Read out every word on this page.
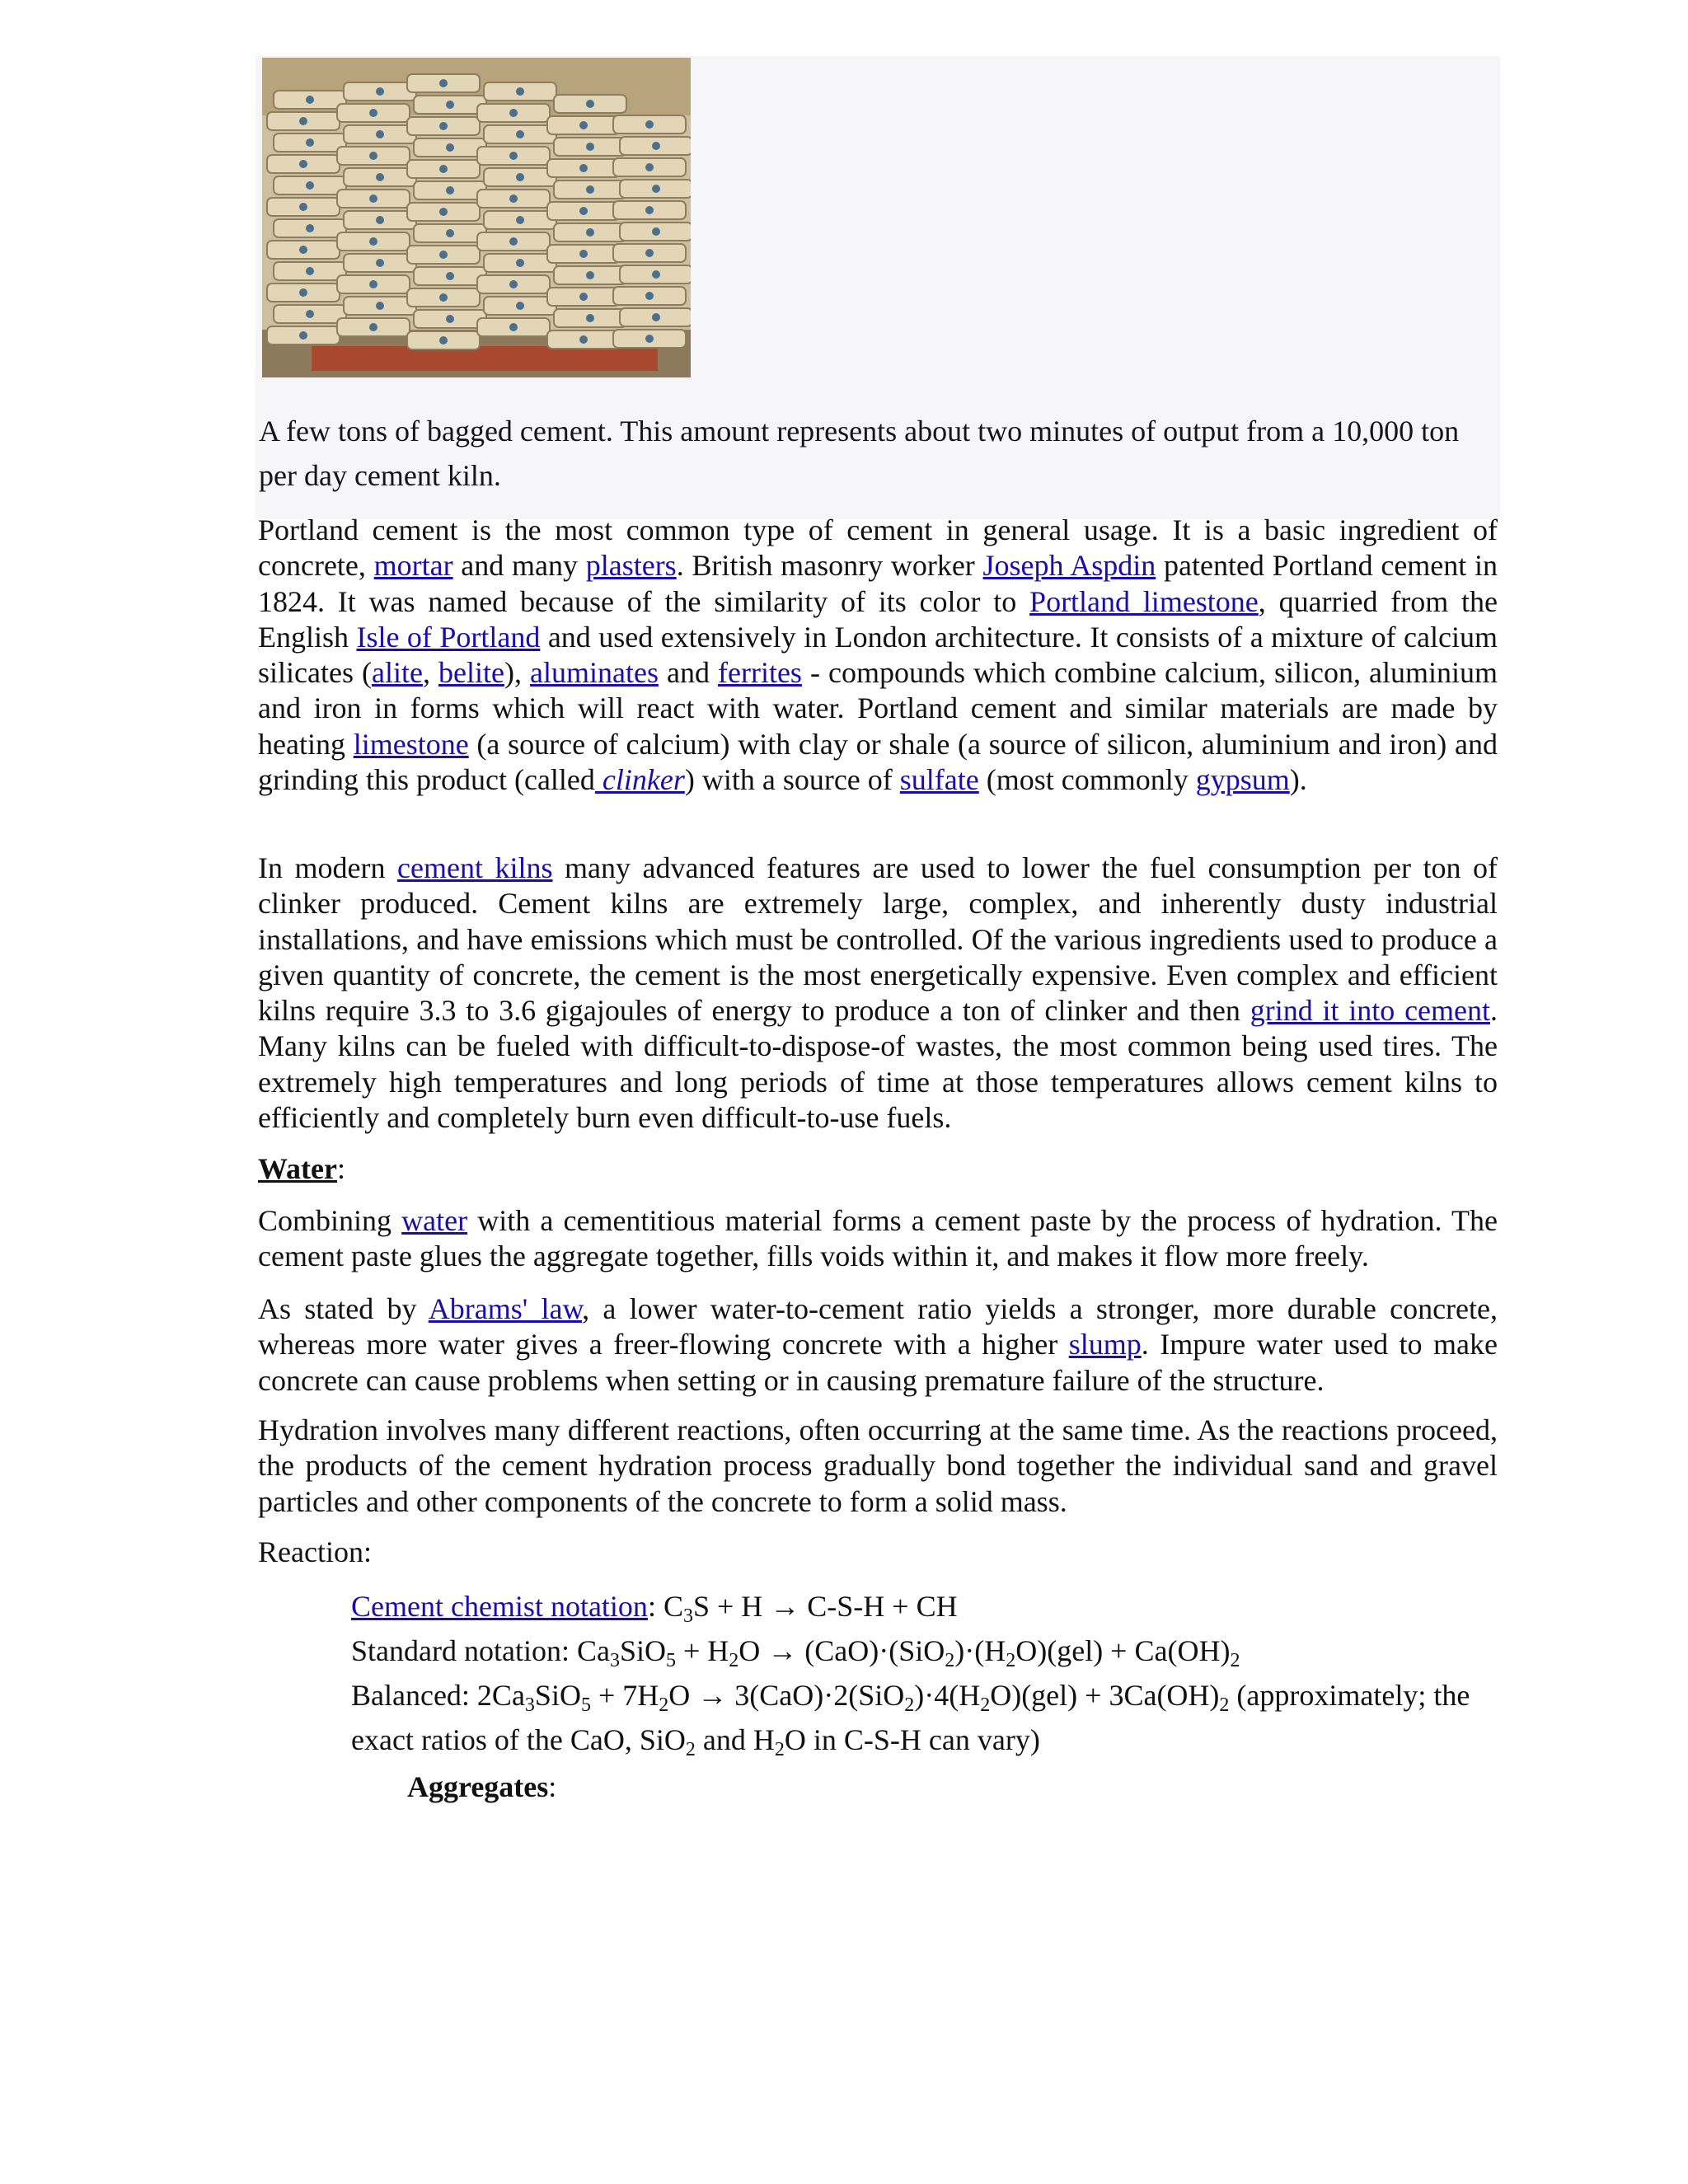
A few tons of bagged cement. This amount represents about two minutes of output from a 10,000 ton per day cement kiln.

Portland cement is the most common type of cement in general usage. It is a basic ingredient of concrete, mortar and many plasters. British masonry worker Joseph Aspdin patented Portland cement in 1824. It was named because of the similarity of its color to Portland limestone, quarried from the English Isle of Portland and used extensively in London architecture. It consists of a mixture of calcium silicates (alite, belite), aluminates and ferrites - compounds which combine calcium, silicon, aluminium and iron in forms which will react with water. Portland cement and similar materials are made by heating limestone (a source of calcium) with clay or shale (a source of silicon, aluminium and iron) and grinding this product (called clinker) with a source of sulfate (most commonly gypsum).

In modern cement kilns many advanced features are used to lower the fuel consumption per ton of clinker produced. Cement kilns are extremely large, complex, and inherently dusty industrial installations, and have emissions which must be controlled. Of the various ingredients used to produce a given quantity of concrete, the cement is the most energetically expensive. Even complex and efficient kilns require 3.3 to 3.6 gigajoules of energy to produce a ton of clinker and then grind it into cement. Many kilns can be fueled with difficult-to-dispose-of wastes, the most common being used tires. The extremely high temperatures and long periods of time at those temperatures allows cement kilns to efficiently and completely burn even difficult-to-use fuels.

Water:

Combining water with a cementitious material forms a cement paste by the process of hydration. The cement paste glues the aggregate together, fills voids within it, and makes it flow more freely.

As stated by Abrams' law, a lower water-to-cement ratio yields a stronger, more durable concrete, whereas more water gives a freer-flowing concrete with a higher slump. Impure water used to make concrete can cause problems when setting or in causing premature failure of the structure.

Hydration involves many different reactions, often occurring at the same time. As the reactions proceed, the products of the cement hydration process gradually bond together the individual sand and gravel particles and other components of the concrete to form a solid mass.

Reaction:
Cement chemist notation: $C_3S + H \to C-S-H$ + CH
Standard notation: $Ca_3SiO_5 + H_2O \to (CaO)\cdot(SiO_2)\cdot(H_2O)(gel) + Ca(OH)_2$
Balanced: $2Ca_3SiO_5 + 7H_2O \to 3(CaO)\cdot 2(SiO_2)\cdot 4(H_2O)(gel) + 3Ca(OH)_2$ (approximately; the exact ratios of the CaO, SiO$_2$ and $H_2O$ in C-S-H can vary)
Aggregates:
